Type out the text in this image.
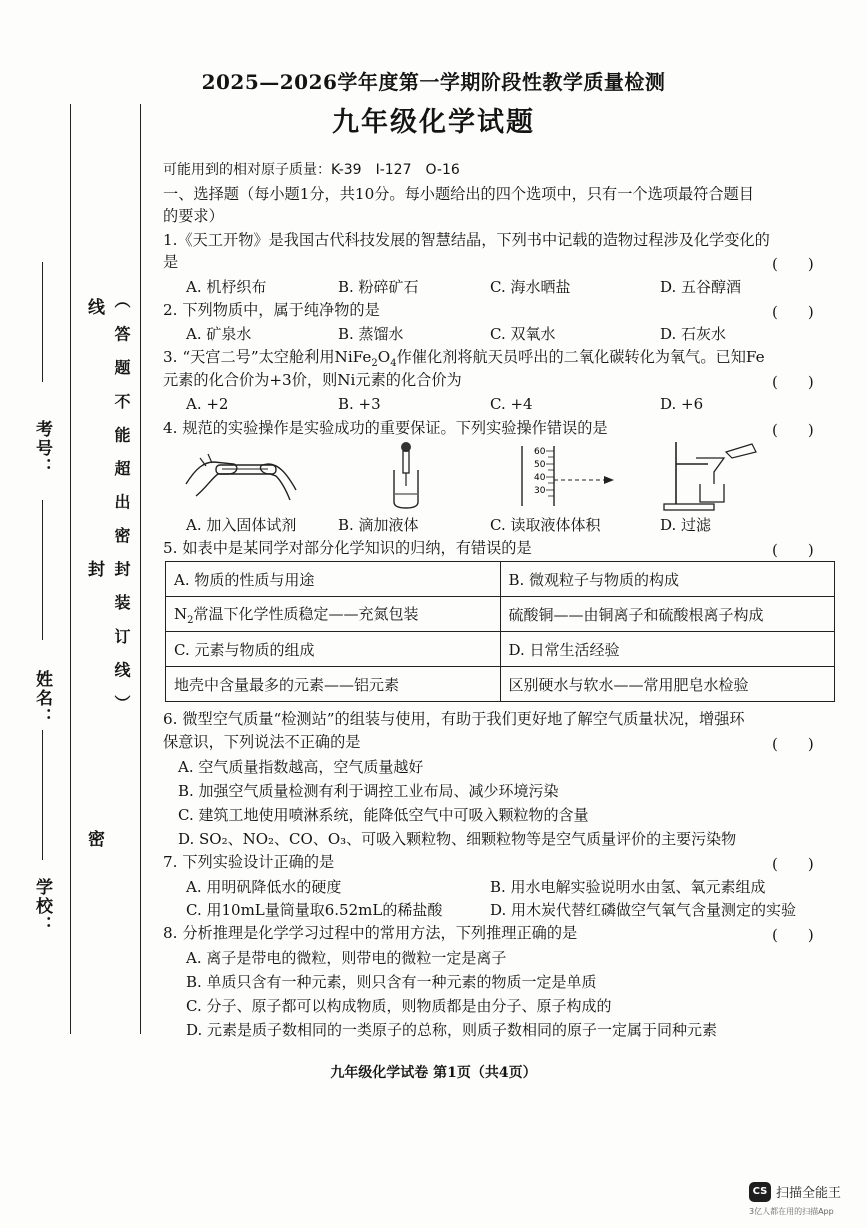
考号：
姓名：
学校：
线
封
密
（ 答 题 不 能 超 出 密 封 装 订 线 ）
2025—2026学年度第一学期阶段性教学质量检测
九年级化学试题
可能用到的相对原子质量：K-39　I-127　O-16
一、选择题（每小题1分，共10分。每小题给出的四个选项中，只有一个选项最符合题目
的要求）
1.《天工开物》是我国古代科技发展的智慧结晶，下列书中记载的造物过程涉及化学变化的
是	(　　)
A. 机杼织布	B. 粉碎矿石	C. 海水晒盐	D. 五谷醇酒
2. 下列物质中，属于纯净物的是	(　　)
A. 矿泉水	B. 蒸馏水	C. 双氧水	D. 石灰水
3. “天宫二号”太空舱利用$NiFe_2O_4$作催化剂将航天员呼出的二氧化碳转化为氧气。已知Fe
元素的化合价为+3价，则Ni元素的化合价为	(　　)
A. +2	B. +3	C. +4	D. +6
4. 规范的实验操作是实验成功的重要保证。下列实验操作错误的是	(　　)
60
50
40
30
A. 加入固体试剂	B. 滴加液体	C. 读取液体体积	D. 过滤
5. 如表中是某同学对部分化学知识的归纳，有错误的是	(　　)
A. 物质的性质与用途	B. 微观粒子与物质的构成
$N_2$常温下化学性质稳定——充氮包装	硫酸铜——由铜离子和硫酸根离子构成
C. 元素与物质的组成	D. 日常生活经验
地壳中含量最多的元素——铝元素	区别硬水与软水——常用肥皂水检验
6. 微型空气质量“检测站”的组装与使用，有助于我们更好地了解空气质量状况，增强环
保意识，下列说法不正确的是	(　　)
A. 空气质量指数越高，空气质量越好
B. 加强空气质量检测有利于调控工业布局、减少环境污染
C. 建筑工地使用喷淋系统，能降低空气中可吸入颗粒物的含量
D. SO₂、NO₂、CO、O₃、可吸入颗粒物、细颗粒物等是空气质量评价的主要污染物
7. 下列实验设计正确的是	(　　)
A. 用明矾降低水的硬度	B. 用水电解实验说明水由氢、氧元素组成
C. 用10mL量筒量取6.52mL的稀盐酸	D. 用木炭代替红磷做空气氧气含量测定的实验
8. 分析推理是化学学习过程中的常用方法，下列推理正确的是	(　　)
A. 离子是带电的微粒，则带电的微粒一定是离子
B. 单质只含有一种元素，则只含有一种元素的物质一定是单质
C. 分子、原子都可以构成物质，则物质都是由分子、原子构成的
D. 元素是质子数相同的一类原子的总称，则质子数相同的原子一定属于同种元素
九年级化学试卷 第1页（共4页）
CS 扫描全能王
3亿人都在用的扫描App
